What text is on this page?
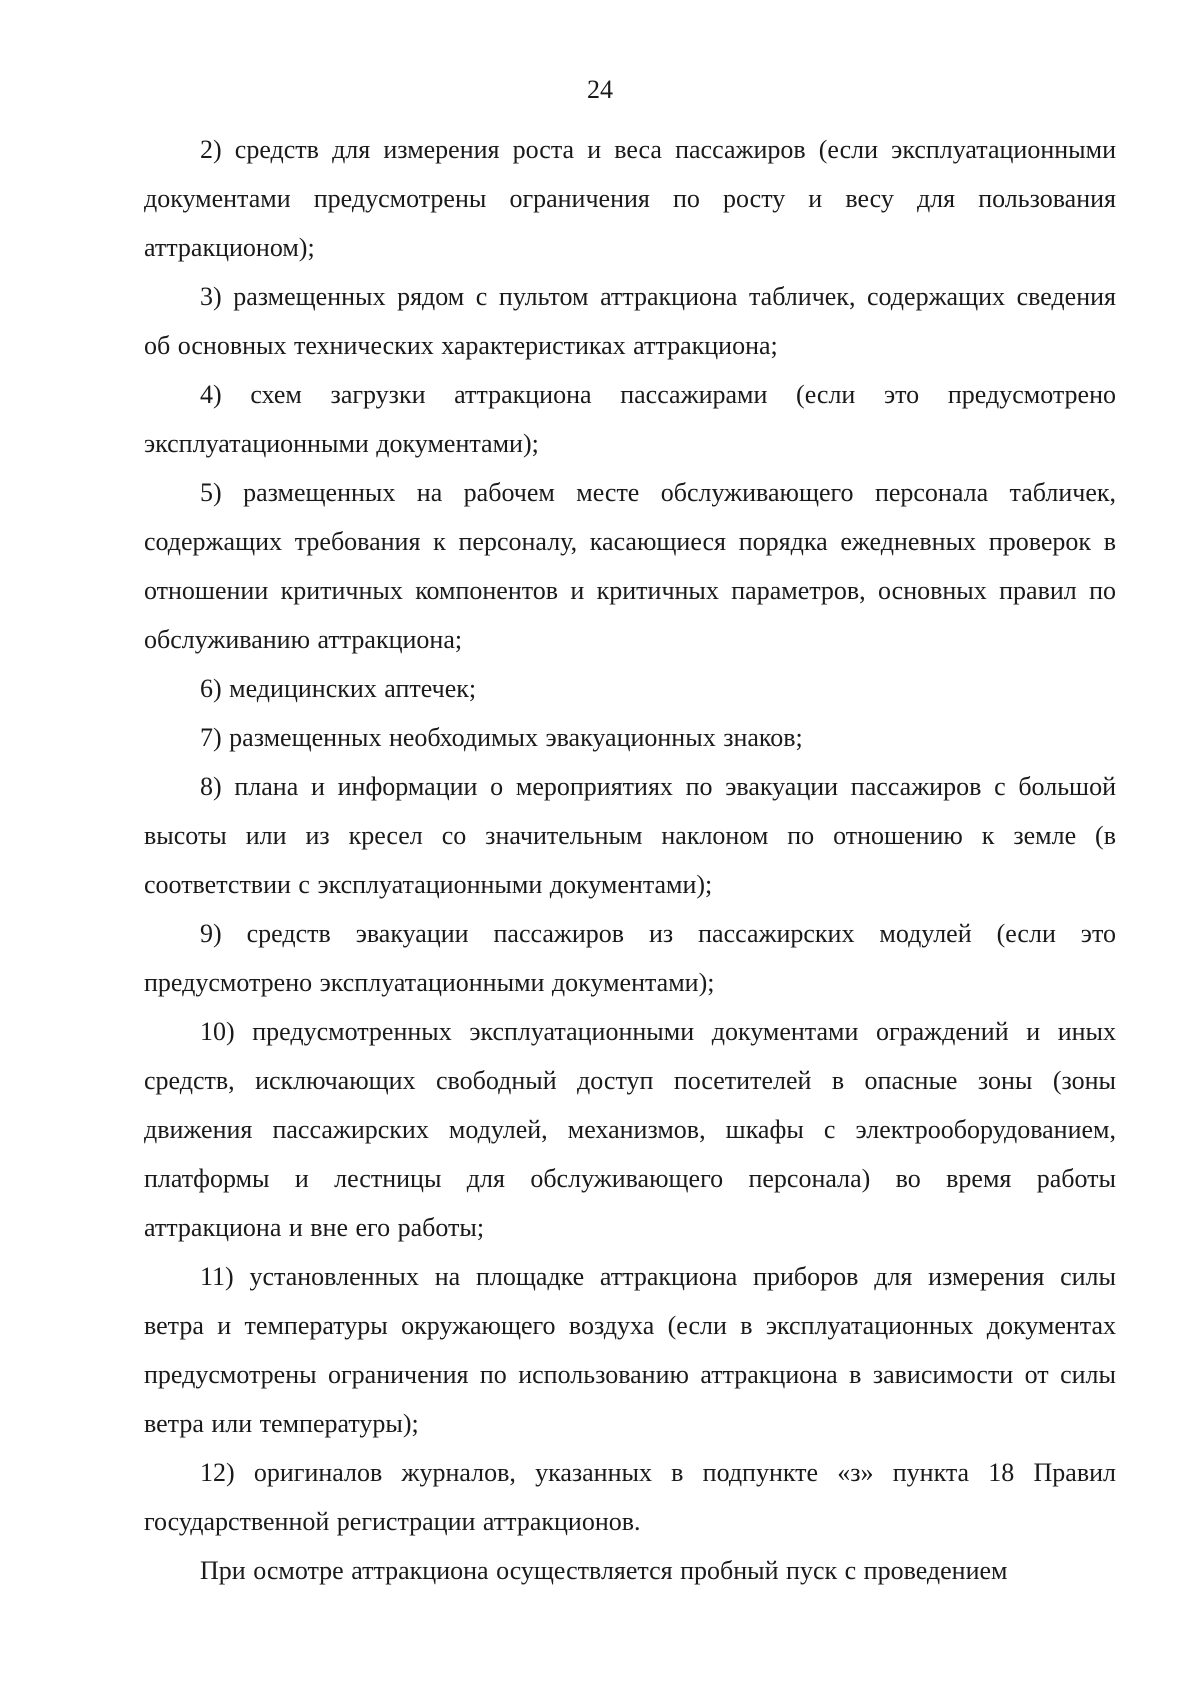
24

2) средств для измерения роста и веса пассажиров (если эксплуатационными документами предусмотрены ограничения по росту и весу для пользования аттракционом);

3) размещенных рядом с пультом аттракциона табличек, содержащих сведения об основных технических характеристиках аттракциона;

4) схем загрузки аттракциона пассажирами (если это предусмотрено эксплуатационными документами);

5) размещенных на рабочем месте обслуживающего персонала табличек, содержащих требования к персоналу, касающиеся порядка ежедневных проверок в отношении критичных компонентов и критичных параметров, основных правил по обслуживанию аттракциона;

6) медицинских аптечек;

7) размещенных необходимых эвакуационных знаков;

8) плана и информации о мероприятиях по эвакуации пассажиров с большой высоты или из кресел со значительным наклоном по отношению к земле (в соответствии с эксплуатационными документами);

9) средств эвакуации пассажиров из пассажирских модулей (если это предусмотрено эксплуатационными документами);

10) предусмотренных эксплуатационными документами ограждений и иных средств, исключающих свободный доступ посетителей в опасные зоны (зоны движения пассажирских модулей, механизмов, шкафы с электрооборудованием, платформы и лестницы для обслуживающего персонала) во время работы аттракциона и вне его работы;

11) установленных на площадке аттракциона приборов для измерения силы ветра и температуры окружающего воздуха (если в эксплуатационных документах предусмотрены ограничения по использованию аттракциона в зависимости от силы ветра или температуры);

12) оригиналов журналов, указанных в подпункте «з» пункта 18 Правил государственной регистрации аттракционов.

При осмотре аттракциона осуществляется пробный пуск с проведением
